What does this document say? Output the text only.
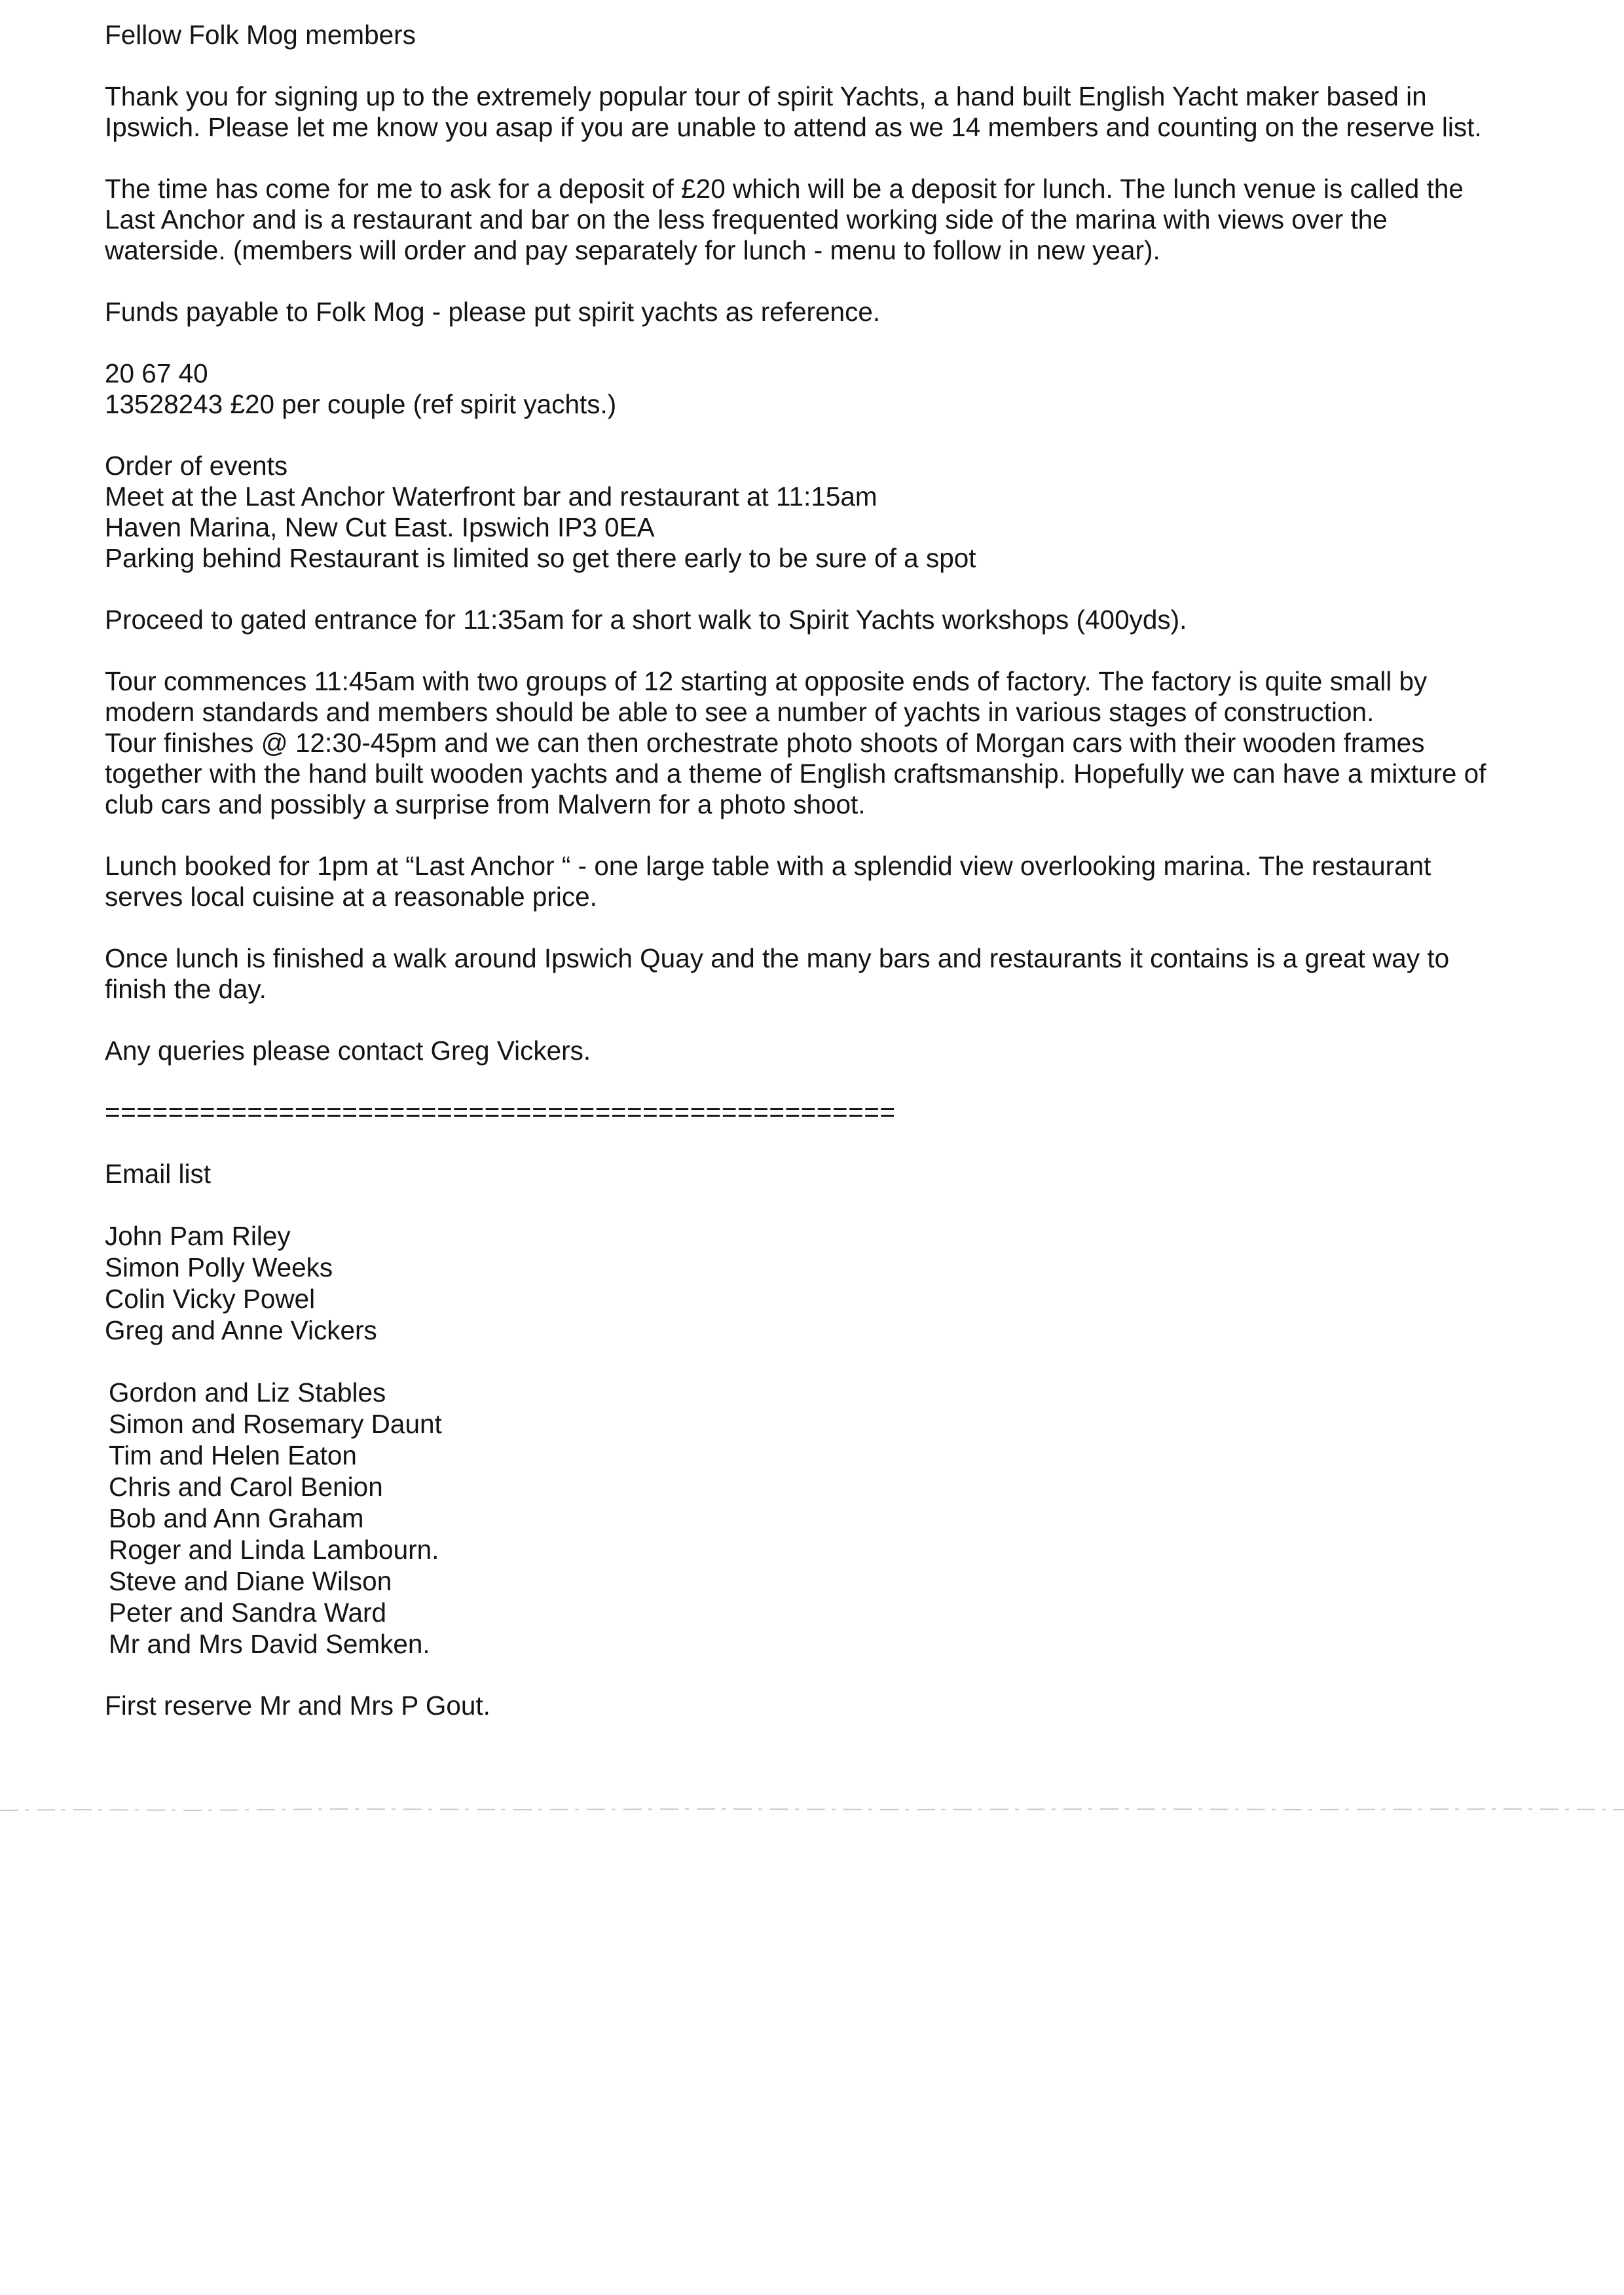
Fellow Folk Mog members
Thank you for signing up to the extremely popular tour of spirit Yachts, a hand built English Yacht maker based in
Ipswich. Please let me know you asap if you are unable to attend as we 14 members and counting on the reserve list.
The time has come for me to ask for a deposit of £20 which will be a deposit for lunch. The lunch venue is called the
Last Anchor and is a restaurant and bar on the less frequented working side of the marina with views over the
waterside. (members will order and pay separately for lunch - menu to follow in new year).
Funds payable to Folk Mog - please put spirit yachts as reference.
20 67 40
13528243 £20 per couple (ref spirit yachts.)
Order of events
Meet at the Last Anchor Waterfront bar and restaurant at 11:15am
Haven Marina, New Cut East. Ipswich IP3 0EA
Parking behind Restaurant is limited so get there early to be sure of a spot
Proceed to gated entrance for 11:35am for a short walk to Spirit Yachts workshops (400yds).
Tour commences 11:45am with two groups of 12 starting at opposite ends of factory. The factory is quite small by
modern standards and members should be able to see a number of yachts in various stages of construction.
Tour finishes @ 12:30-45pm and we can then orchestrate photo shoots of Morgan cars with their wooden frames
together with the hand built wooden yachts and a theme of English craftsmanship. Hopefully we can have a mixture of
club cars and possibly a surprise from Malvern for a photo shoot.
Lunch booked for 1pm at “Last Anchor “ - one large table with a splendid view overlooking marina. The restaurant
serves local cuisine at a reasonable price.
Once lunch is finished a walk around Ipswich Quay and the many bars and restaurants it contains is a great way to
finish the day.
Any queries please contact Greg Vickers.
==================================================
Email list
John Pam Riley
Simon Polly Weeks
Colin Vicky Powel
Greg and Anne Vickers
Gordon and Liz Stables
Simon and Rosemary Daunt
Tim and Helen Eaton
Chris and Carol Benion
Bob and Ann Graham
Roger and Linda Lambourn.
Steve and Diane Wilson
Peter and Sandra Ward
Mr and Mrs David Semken.
First reserve Mr and Mrs P Gout.
